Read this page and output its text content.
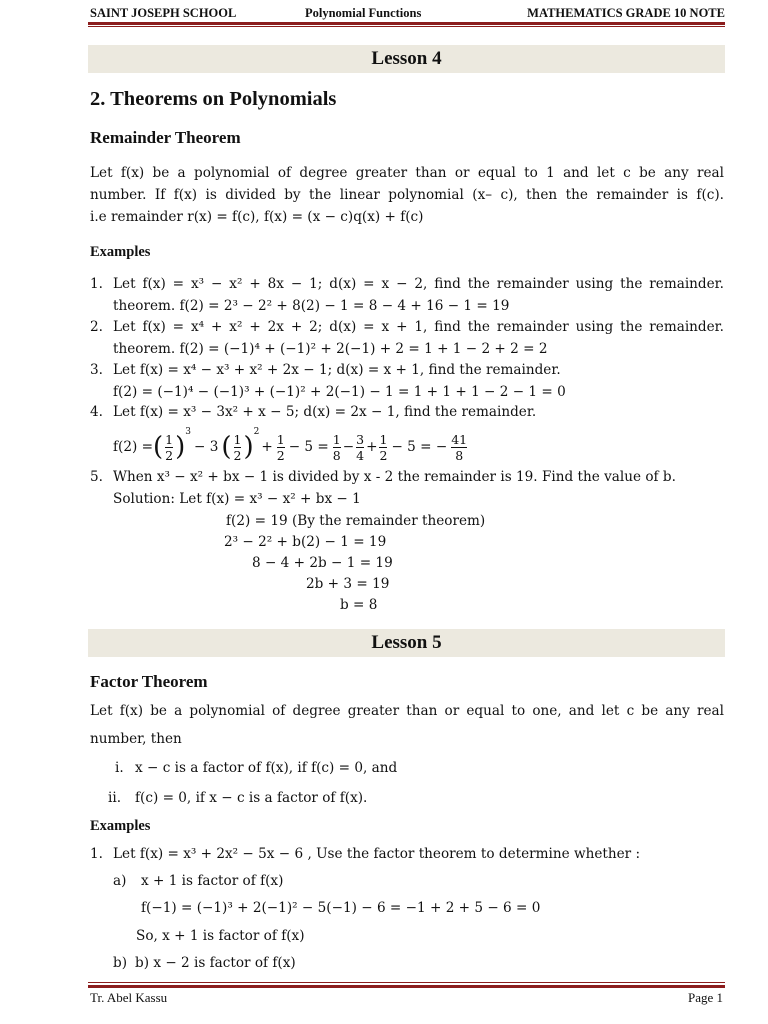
SAINT JOSEPH SCHOOL	Polynomial Functions	MATHEMATICS GRADE 10 NOTE
Lesson 4
2. Theorems on Polynomials
Remainder Theorem
Let f(x) be a polynomial of degree greater than or equal to 1 and let c be any real
number. If f(x) is divided by the linear polynomial (x– c), then the remainder is f(c).
i.e remainder r(x) = f(c), f(x) = (x − c)q(x) + f(c)
Examples
1. Let f(x) = x³ − x² + 8x − 1; d(x) = x − 2, find the remainder using the remainder.
theorem. f(2) = 2³ − 2² + 8(2) − 1 = 8 − 4 + 16 − 1 = 19
2. Let f(x) = x⁴ + x² + 2x + 2; d(x) = x + 1, find the remainder using the remainder.
theorem. f(2) = (−1)⁴ + (−1)² + 2(−1) + 2 = 1 + 1 − 2 + 2 = 2
3. Let f(x) = x⁴ − x³ + x² + 2x − 1; d(x) = x + 1, find the remainder.
f(2) = (−1)⁴ − (−1)³ + (−1)² + 2(−1) − 1 = 1 + 1 + 1 − 2 − 1 = 0
4. Let f(x) = x³ − 3x² + x − 5; d(x) = 2x − 1, find the remainder.
f(2) = ( $\frac{1}{2} )^3$
− 3 ( $\frac{1}{2} )^2$
+ $\frac{1}{2} - 5 = \frac{1}{8} - \frac{3}{4} + \frac{1}{2} - 5$ = − $\frac{41}{8}$
5. When x³ − x² + bx − 1 is divided by x - 2 the remainder is 19. Find the value of b.
Solution: Let f(x) = x³ − x² + bx − 1
f(2) = 19 (By the remainder theorem)
2³ − 2² + b(2) − 1 = 19
8 − 4 + 2b − 1 = 19
2b + 3 = 19
b = 8
Lesson 5
Factor Theorem
Let f(x) be a polynomial of degree greater than or equal to one, and let c be any real
number, then
i. x − c is a factor of f(x), if f(c) = 0, and
ii. f(c) = 0, if x − c is a factor of f(x).
Examples
1. Let f(x) = x³ + 2x² − 5x − 6 , Use the factor theorem to determine whether :
a) x + 1 is factor of f(x)
f(−1) = (−1)³ + 2(−1)² − 5(−1) − 6 = −1 + 2 + 5 − 6 = 0
So, x + 1 is factor of f(x)
b) b) x − 2 is factor of f(x)
Tr. Abel Kassu	Page 1
